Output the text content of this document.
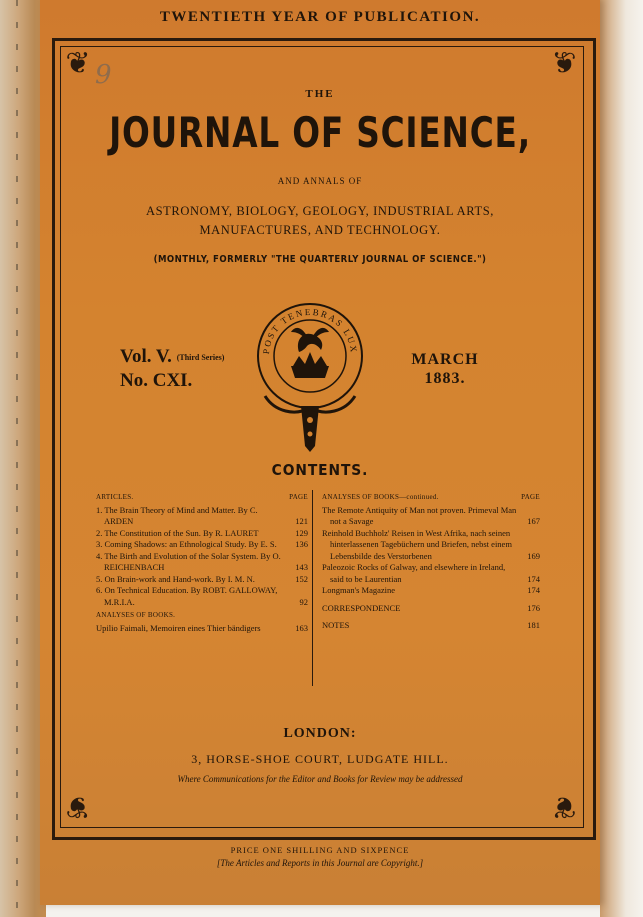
TWENTIETH YEAR OF PUBLICATION.
❦	❦
❦	❦
9
THE
JOURNAL OF SCIENCE,
AND ANNALS OF
ASTRONOMY, BIOLOGY, GEOLOGY, INDUSTRIAL ARTS,
MANUFACTURES, AND TECHNOLOGY.
(MONTHLY, FORMERLY "THE QUARTERLY JOURNAL OF SCIENCE.")
Vol. V. (Third Series)
No. CXI.
MARCH
1883.
POST TENEBRAS LUX
CONTENTS.
ARTICLES.	PAGE
1. The Brain Theory of Mind and Matter. By C. ARDEN	121
2. The Constitution of the Sun. By R. LAURET	129
3. Coming Shadows: an Ethnological Study. By E. S.	136
4. The Birth and Evolution of the Solar System. By O. REICHENBACH	143
5. On Brain-work and Hand-work. By I. M. N.	152
6. On Technical Education. By ROBT. GALLOWAY, M.R.I.A.	92
ANALYSES OF BOOKS.
Upilio Faimali, Memoiren eines Thier bändigers	163
ANALYSES OF BOOKS—continued.	PAGE
The Remote Antiquity of Man not proven. Primeval Man not a Savage	167
Reinhold Buchholz' Reisen in West Afrika, nach seinen hinterlassenen Tagebüchern und Briefen, nebst einem Lebensbilde des Verstorbenen	169
Paleozoic Rocks of Galway, and elsewhere in Ireland, said to be Laurentian	174
Longman's Magazine	174
CORRESPONDENCE	176
NOTES	181
LONDON:
3, HORSE-SHOE COURT, LUDGATE HILL.
Where Communications for the Editor and Books for Review may be addressed
PRICE ONE SHILLING AND SIXPENCE
[The Articles and Reports in this Journal are Copyright.]
